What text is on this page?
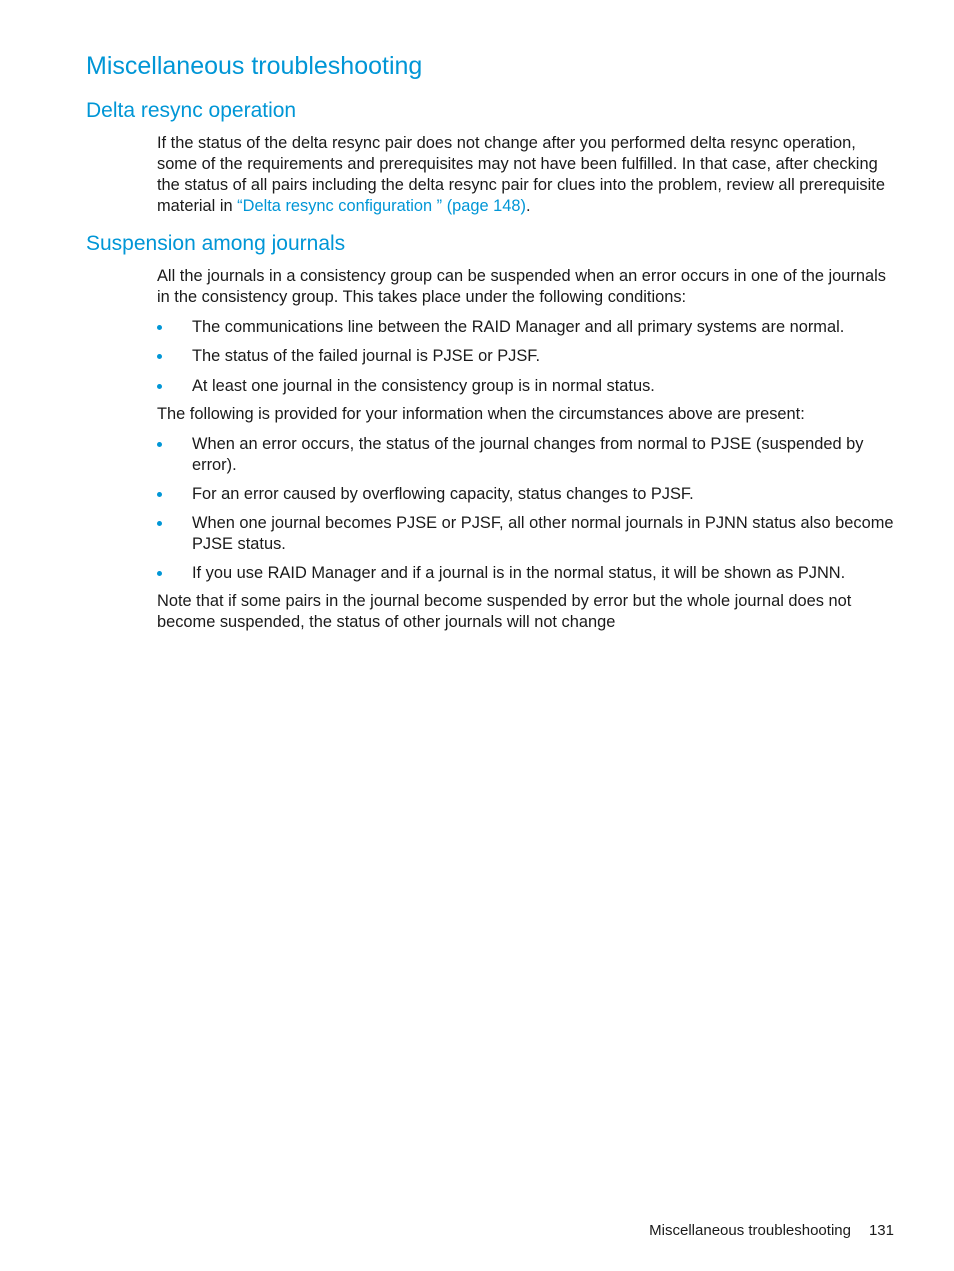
Miscellaneous troubleshooting
Delta resync operation

If the status of the delta resync pair does not change after you performed delta resync operation, some of the requirements and prerequisites may not have been fulfilled. In that case, after checking the status of all pairs including the delta resync pair for clues into the problem, review all prerequisite material in “Delta resync configuration ” (page 148).

Suspension among journals

All the journals in a consistency group can be suspended when an error occurs in one of the journals in the consistency group. This takes place under the following conditions:

The communications line between the RAID Manager and all primary systems are normal.
The status of the failed journal is PJSE or PJSF.
At least one journal in the consistency group is in normal status.

The following is provided for your information when the circumstances above are present:

When an error occurs, the status of the journal changes from normal to PJSE (suspended by error).
For an error caused by overflowing capacity, status changes to PJSF.
When one journal becomes PJSE or PJSF, all other normal journals in PJNN status also become PJSE status.
If you use RAID Manager and if a journal is in the normal status, it will be shown as PJNN.

Note that if some pairs in the journal become suspended by error but the whole journal does not become suspended, the status of other journals will not change

Miscellaneous troubleshooting 131
